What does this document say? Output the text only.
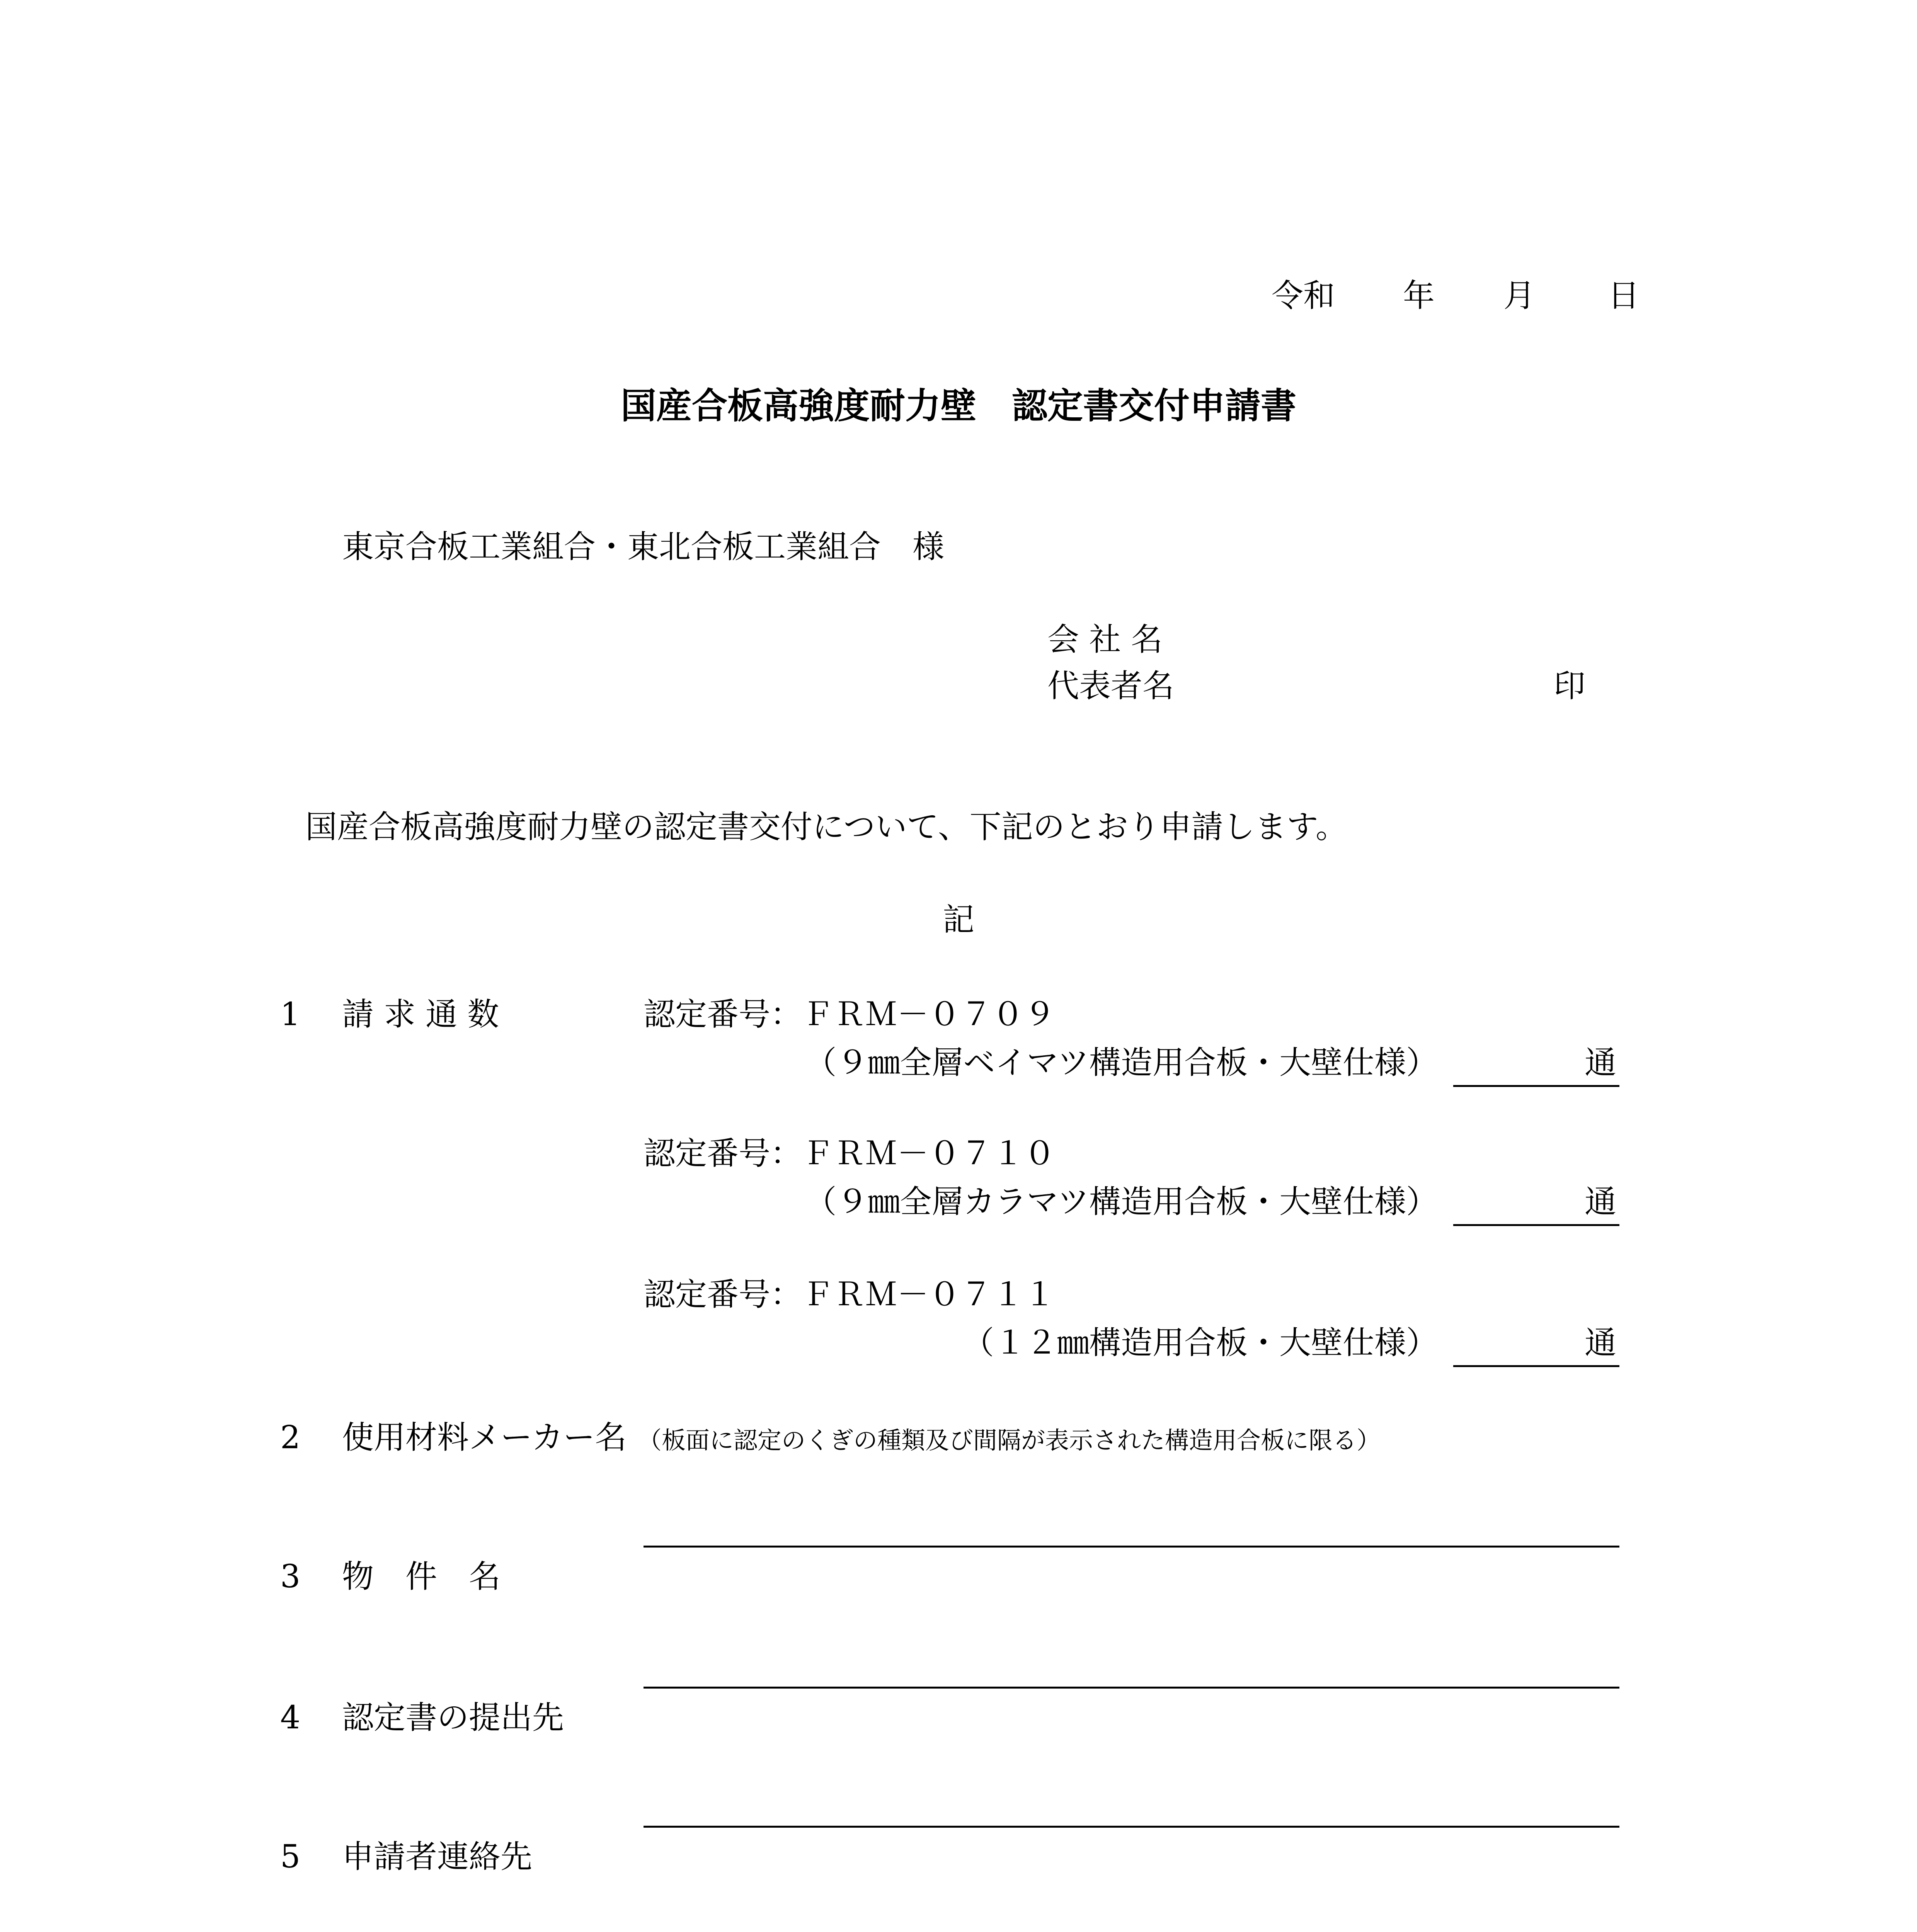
令和 年 月 日
国産合板高強度耐力壁　認定書交付申請書
東京合板工業組合・東北合板工業組合　様
会 社 名
代表者名	印
国産合板高強度耐力壁の認定書交付について、下記のとおり申請します。
記
1 請 求 通 数	認定番号：ＦＲＭ－０７０９
（９㎜全層ベイマツ構造用合板・大壁仕様）	通
認定番号：ＦＲＭ－０７１０
（９㎜全層カラマツ構造用合板・大壁仕様）	通
認定番号：ＦＲＭ－０７１１
（１２㎜構造用合板・大壁仕様）	通
2 使用材料メーカー名 （板面に認定のくぎの種類及び間隔が表示された構造用合板に限る）
3 物　件　名
4 認定書の提出先
5 申請者連絡先
